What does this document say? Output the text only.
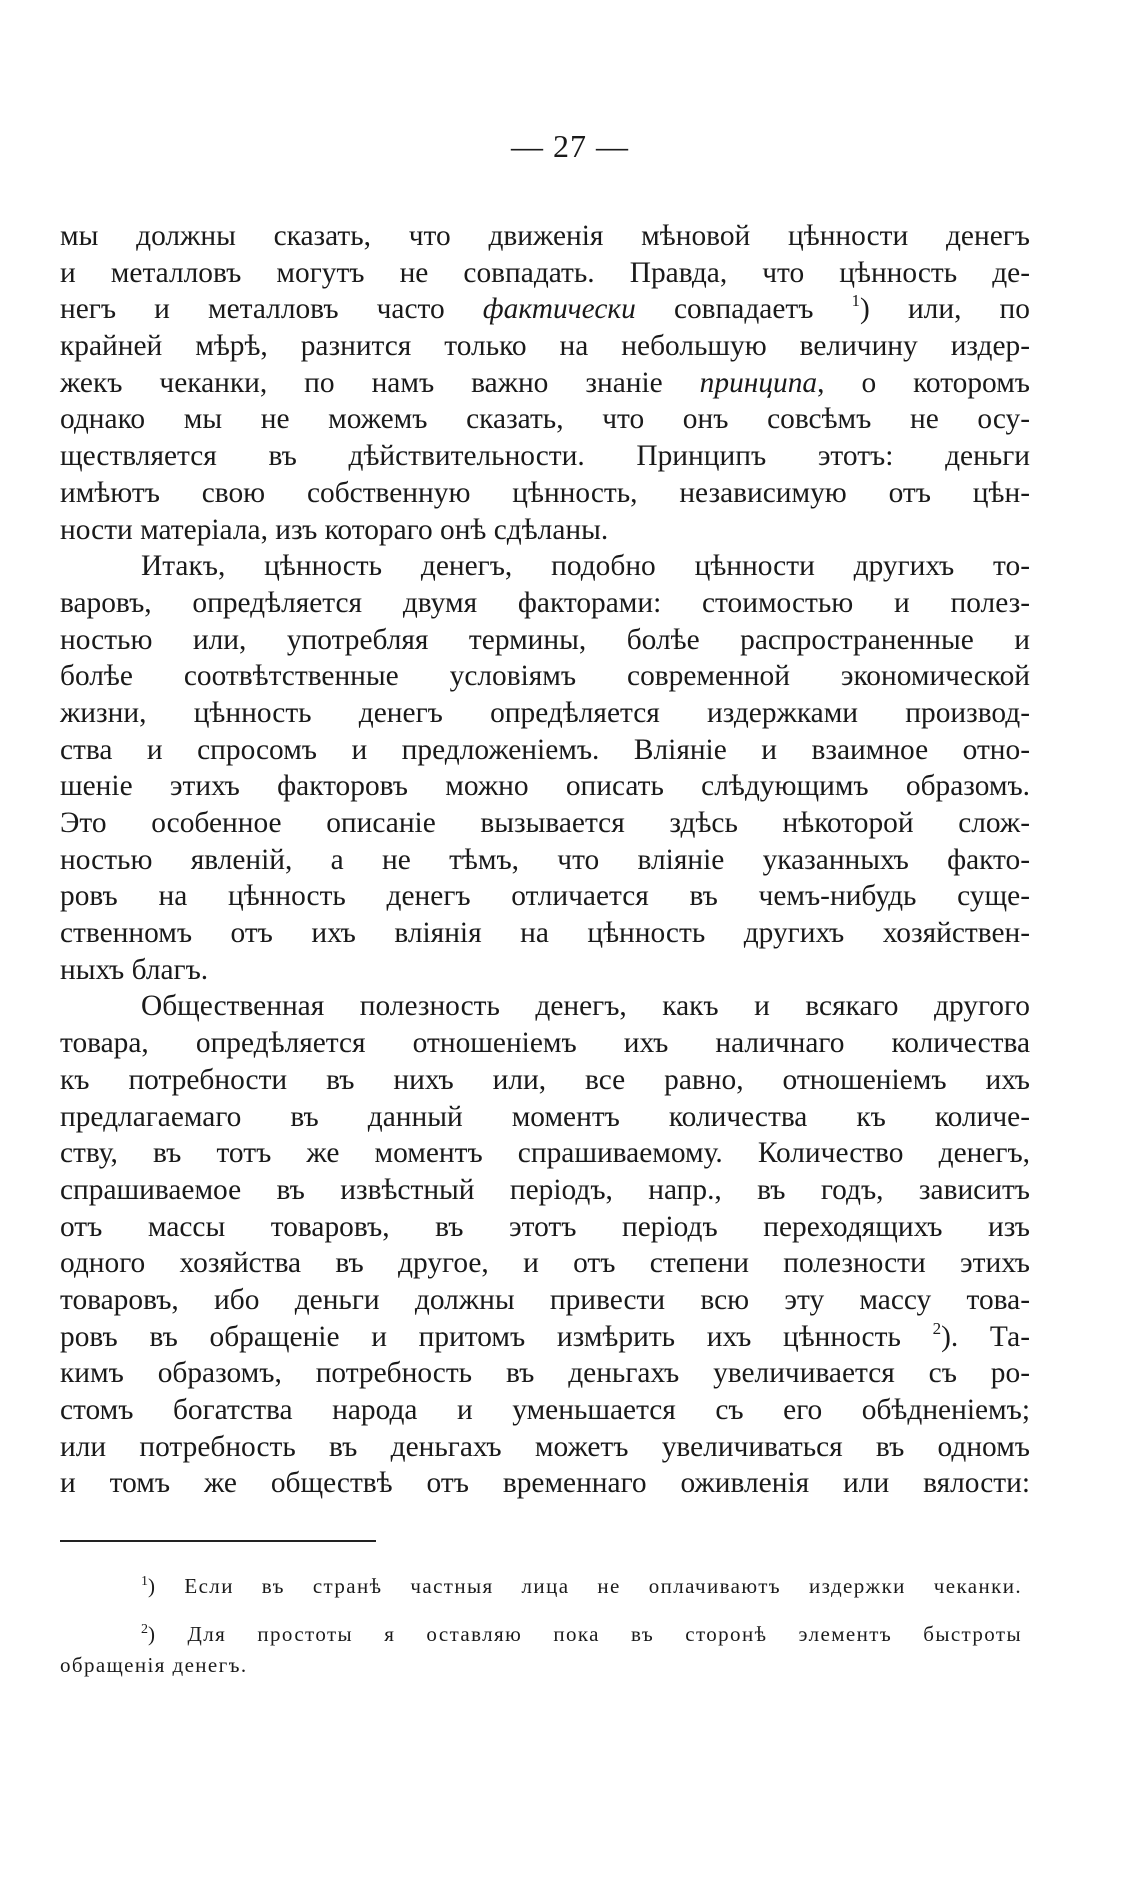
— 27 —
мы должны сказать, что движенія мѣновой цѣнности денегъ
и металловъ могутъ не совпадать. Правда, что цѣнность де-
негъ и металловъ часто фактически совпадаетъ $^1$) или, по
крайней мѣрѣ, разнится только на небольшую величину издер-
жекъ чеканки, по намъ важно знаніе принципа, о которомъ
однако мы не можемъ сказать, что онъ совсѣмъ не осу-
ществляется въ дѣйствительности. Принципъ этотъ: деньги
имѣютъ свою собственную цѣнность, независимую отъ цѣн-
ности матеріала, изъ котораго онѣ сдѣланы.
Итакъ, цѣнность денегъ, подобно цѣнности другихъ то-
варовъ, опредѣляется двумя факторами: стоимостью и полез-
ностью или, употребляя термины, болѣе распространенные и
болѣе соотвѣтственные условіямъ современной экономической
жизни, цѣнность денегъ опредѣляется издержками производ-
ства и спросомъ и предложеніемъ. Вліяніе и взаимное отно-
шеніе этихъ факторовъ можно описать слѣдующимъ образомъ.
Это особенное описаніе вызывается здѣсь нѣкоторой слож-
ностью явленій, а не тѣмъ, что вліяніе указанныхъ факто-
ровъ на цѣнность денегъ отличается въ чемъ-нибудь суще-
ственномъ отъ ихъ вліянія на цѣнность другихъ хозяйствен-
ныхъ благъ.
Общественная полезность денегъ, какъ и всякаго другого
товара, опредѣляется отношеніемъ ихъ наличнаго количества
къ потребности въ нихъ или, все равно, отношеніемъ ихъ
предлагаемаго въ данный моментъ количества къ количе-
ству, въ тотъ же моментъ спрашиваемому. Количество денегъ,
спрашиваемое въ извѣстный періодъ, напр., въ годъ, зависитъ
отъ массы товаровъ, въ этотъ періодъ переходящихъ изъ
одного хозяйства въ другое, и отъ степени полезности этихъ
товаровъ, ибо деньги должны привести всю эту массу това-
ровъ въ обращеніе и притомъ измѣрить ихъ цѣнность $^2$). Та-
кимъ образомъ, потребность въ деньгахъ увеличивается съ ро-
стомъ богатства народа и уменьшается съ его обѣдненіемъ;
или потребность въ деньгахъ можетъ увеличиваться въ одномъ
и томъ же обществѣ отъ временнаго оживленія или вялости:
$^1$) Если въ странѣ частныя лица не оплачиваютъ издержки чеканки.
$^2$) Для простоты я оставляю пока въ сторонѣ элементъ быстроты
обращенія денегъ.
